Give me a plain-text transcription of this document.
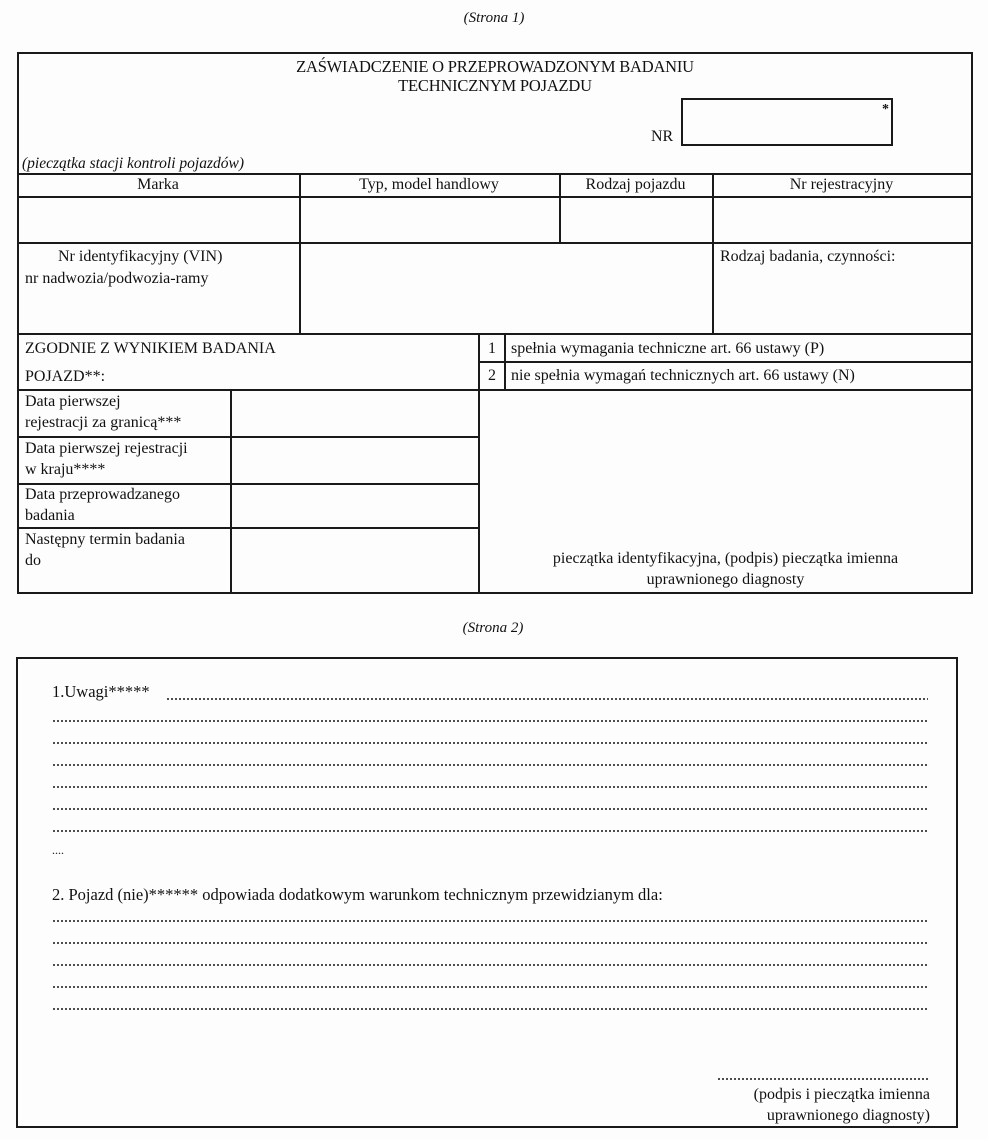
(Strona 1)
ZAŚWIADCZENIE O PRZEPROWADZONYM BADANIU
TECHNICZNYM POJAZDU
NR
*
(pieczątka stacji kontroli pojazdów)
Marka	Typ, model handlowy	Rodzaj pojazdu	Nr rejestracyjny
Nr identyfikacyjny (VIN)
nr nadwozia/podwozia-ramy
Rodzaj badania, czynności:
ZGODNIE Z WYNIKIEM BADANIA
POJAZD**:
1 spełnia wymagania techniczne art. 66 ustawy (P)
2 nie spełnia wymagań technicznych art. 66 ustawy (N)
Data pierwszej
rejestracji za granicą***
Data pierwszej rejestracji
w kraju****
Data przeprowadzanego
badania
Następny termin badania
do	pieczątka identyfikacyjna, (podpis) pieczątka imienna
uprawnionego diagnosty
(Strona 2)
1.Uwagi*****
....
2. Pojazd (nie)****** odpowiada dodatkowym warunkom technicznym przewidzianym dla:
(podpis i pieczątka imienna
uprawnionego diagnosty)
